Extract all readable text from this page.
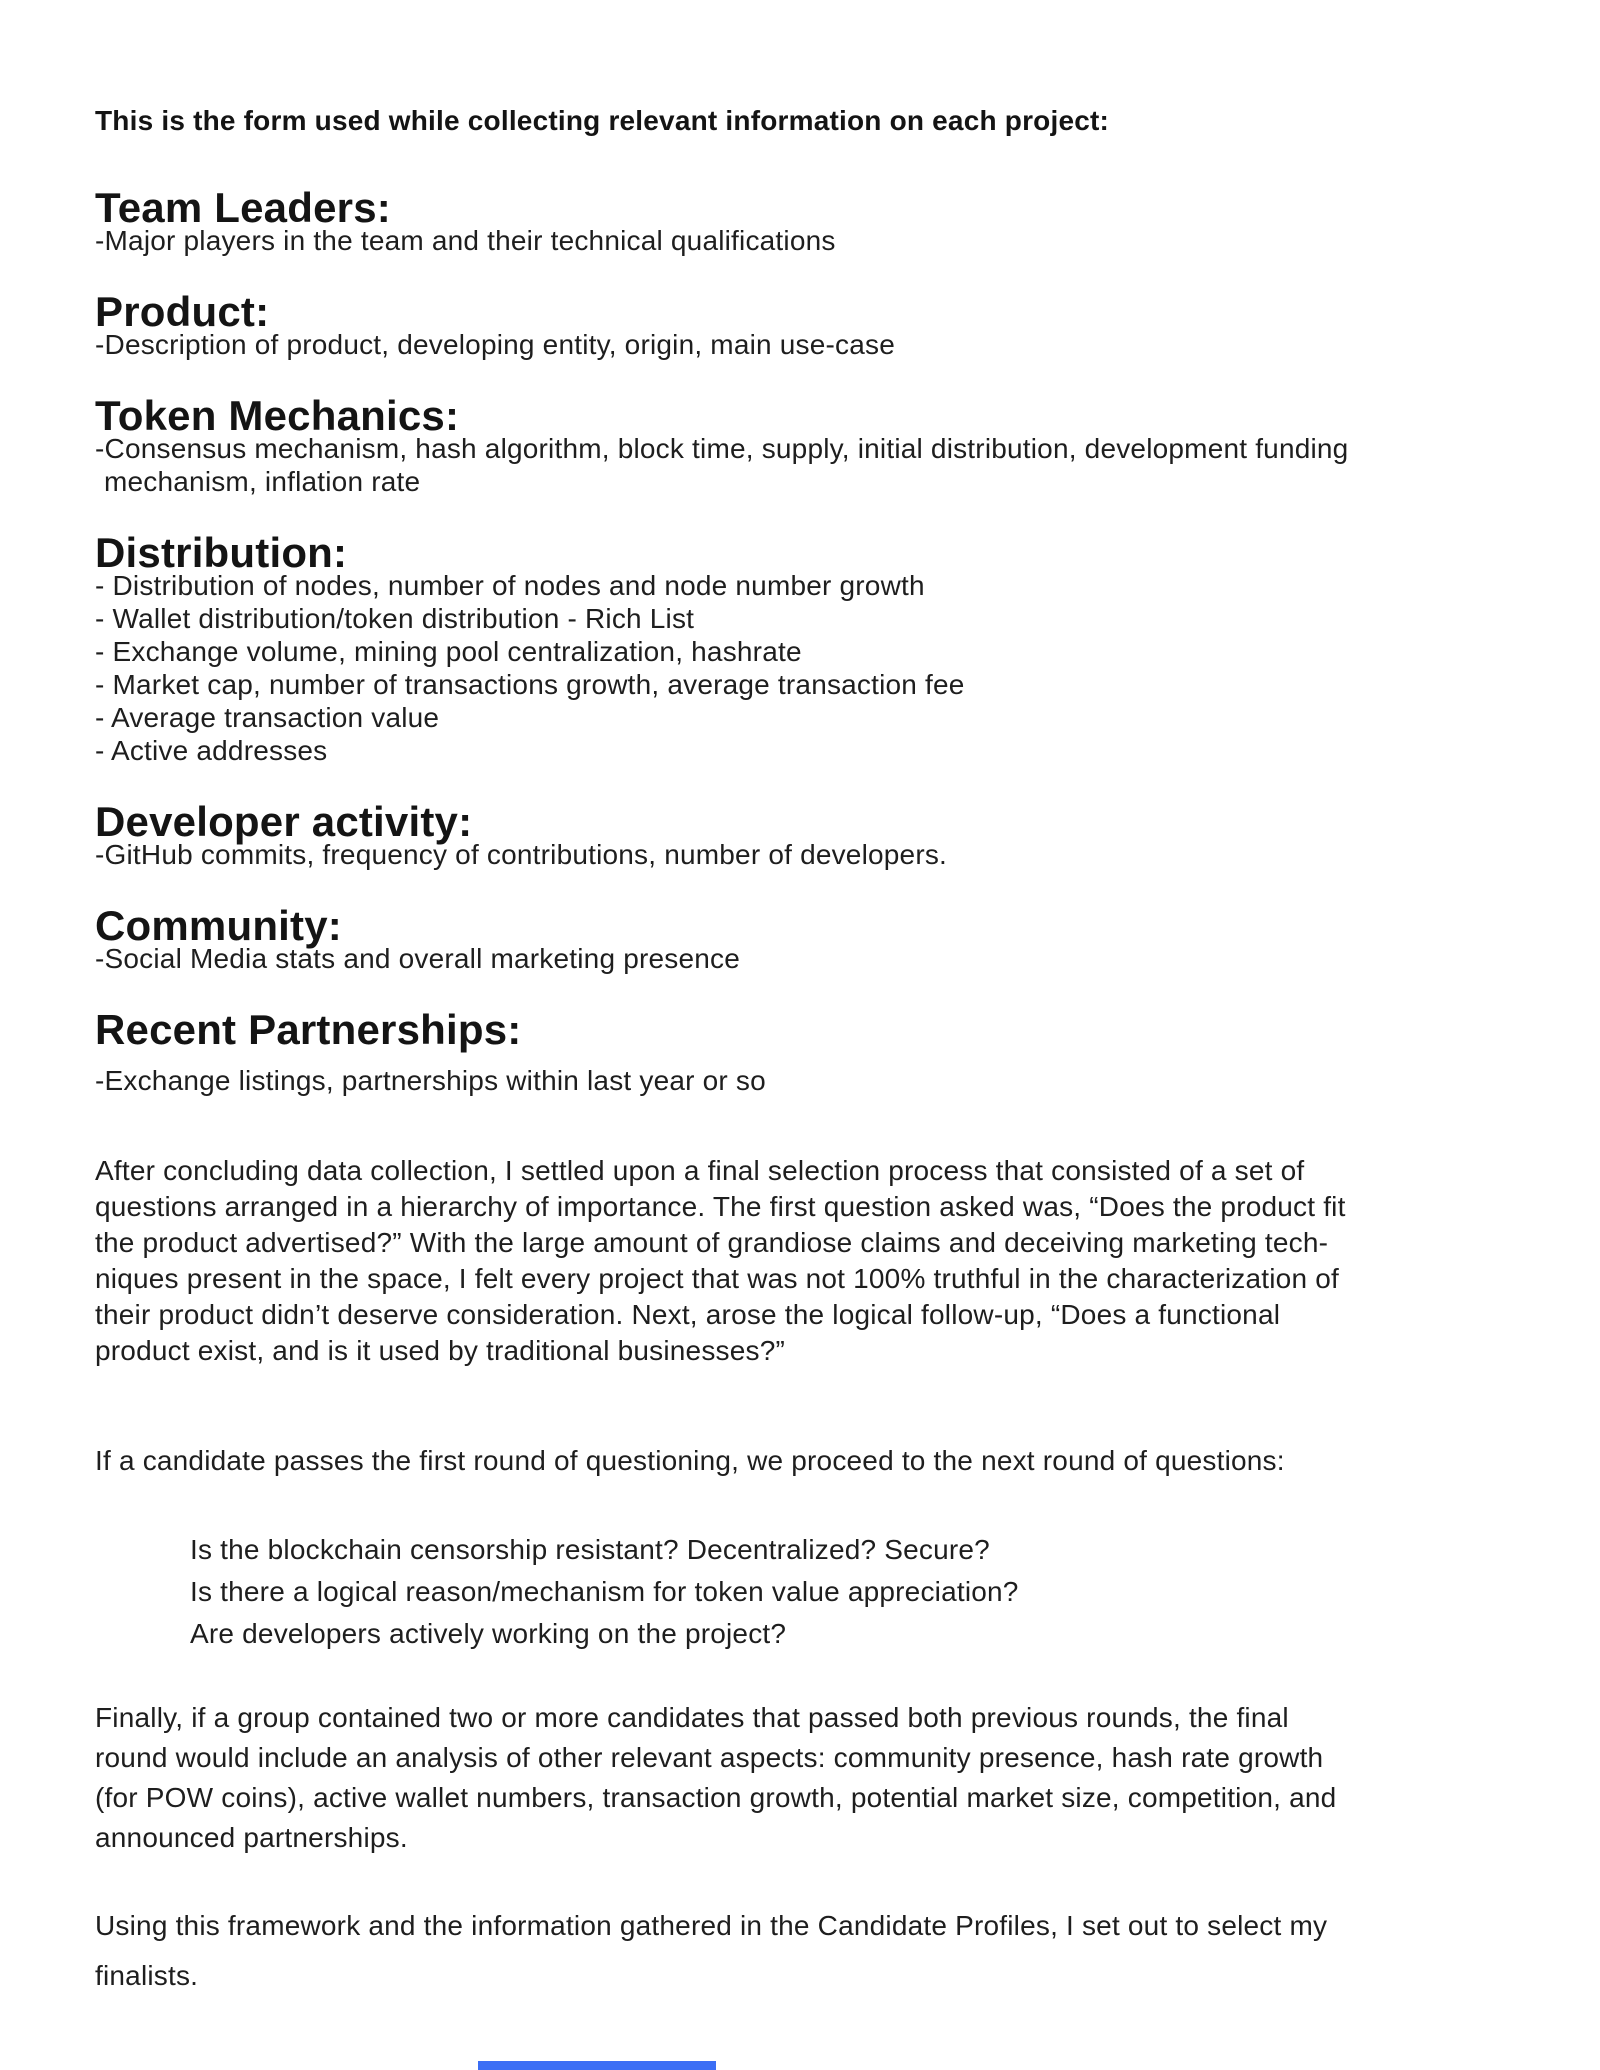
This is the form used while collecting relevant information on each project:

Team Leaders:
-Major players in the team and their technical qualifications
Product:
-Description of product, developing entity, origin, main use-case
Token Mechanics:
-Consensus mechanism, hash algorithm, block time, supply, initial distribution, development funding
mechanism, inflation rate
Distribution:
- Distribution of nodes, number of nodes and node number growth
- Wallet distribution/token distribution - Rich List
- Exchange volume, mining pool centralization, hashrate
- Market cap, number of transactions growth, average transaction fee
- Average transaction value
- Active addresses
Developer activity:
-GitHub commits, frequency of contributions, number of developers.
Community:
-Social Media stats and overall marketing presence
Recent Partnerships:
-Exchange listings, partnerships within last year or so
After concluding data collection, I settled upon a final selection process that consisted of a set of
questions arranged in a hierarchy of importance. The first question asked was, “Does the product fit
the product advertised?” With the large amount of grandiose claims and deceiving marketing tech-
niques present in the space, I felt every project that was not 100% truthful in the characterization of
their product didn’t deserve consideration. Next, arose the logical follow-up, “Does a functional
product exist, and is it used by traditional businesses?”
If a candidate passes the first round of questioning, we proceed to the next round of questions:
Is the blockchain censorship resistant? Decentralized? Secure?
Is there a logical reason/mechanism for token value appreciation?
Are developers actively working on the project?
Finally, if a group contained two or more candidates that passed both previous rounds, the final
round would include an analysis of other relevant aspects: community presence, hash rate growth
(for POW coins), active wallet numbers, transaction growth, potential market size, competition, and
announced partnerships.
Using this framework and the information gathered in the Candidate Profiles, I set out to select my
finalists.
